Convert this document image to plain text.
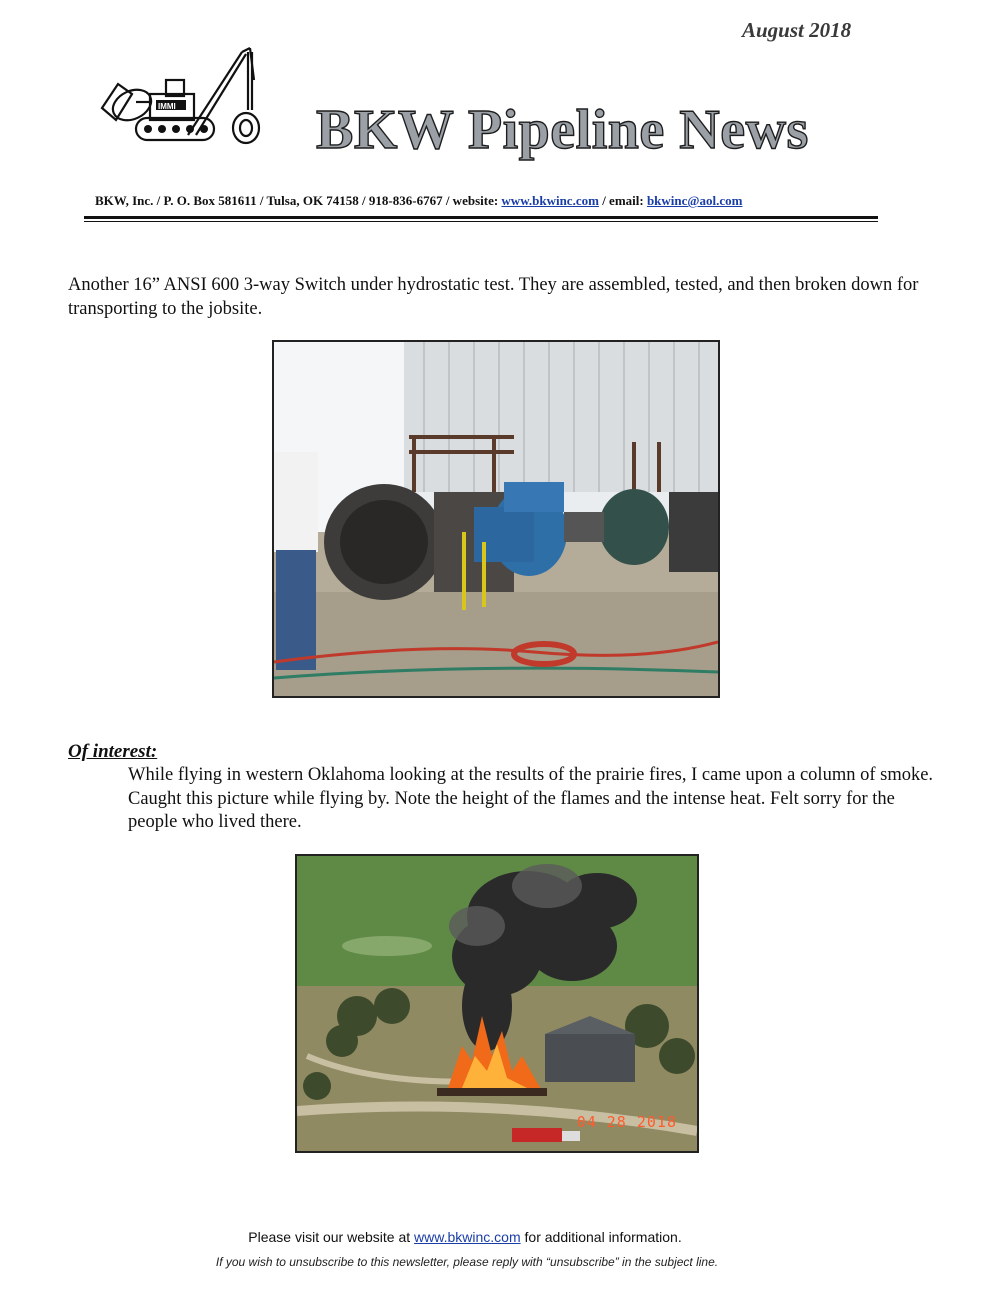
August 2018
IMMI	BKW Pipeline News
BKW, Inc. / P. O. Box 581611 / Tulsa, OK 74158 / 918-836-6767 / website: www.bkwinc.com / email: bkwinc@aol.com
Another 16” ANSI 600 3-way Switch under hydrostatic test. They are assembled, tested, and then broken down for transporting to the jobsite.
Of interest:
While flying in western Oklahoma looking at the results of the prairie fires, I came upon a column of smoke. Caught this picture while flying by. Note the height of the flames and the intense heat. Felt sorry for the people who lived there.
04 28 2018
Please visit our website at www.bkwinc.com for additional information.
If you wish to unsubscribe to this newsletter, please reply with “unsubscribe” in the subject line.
